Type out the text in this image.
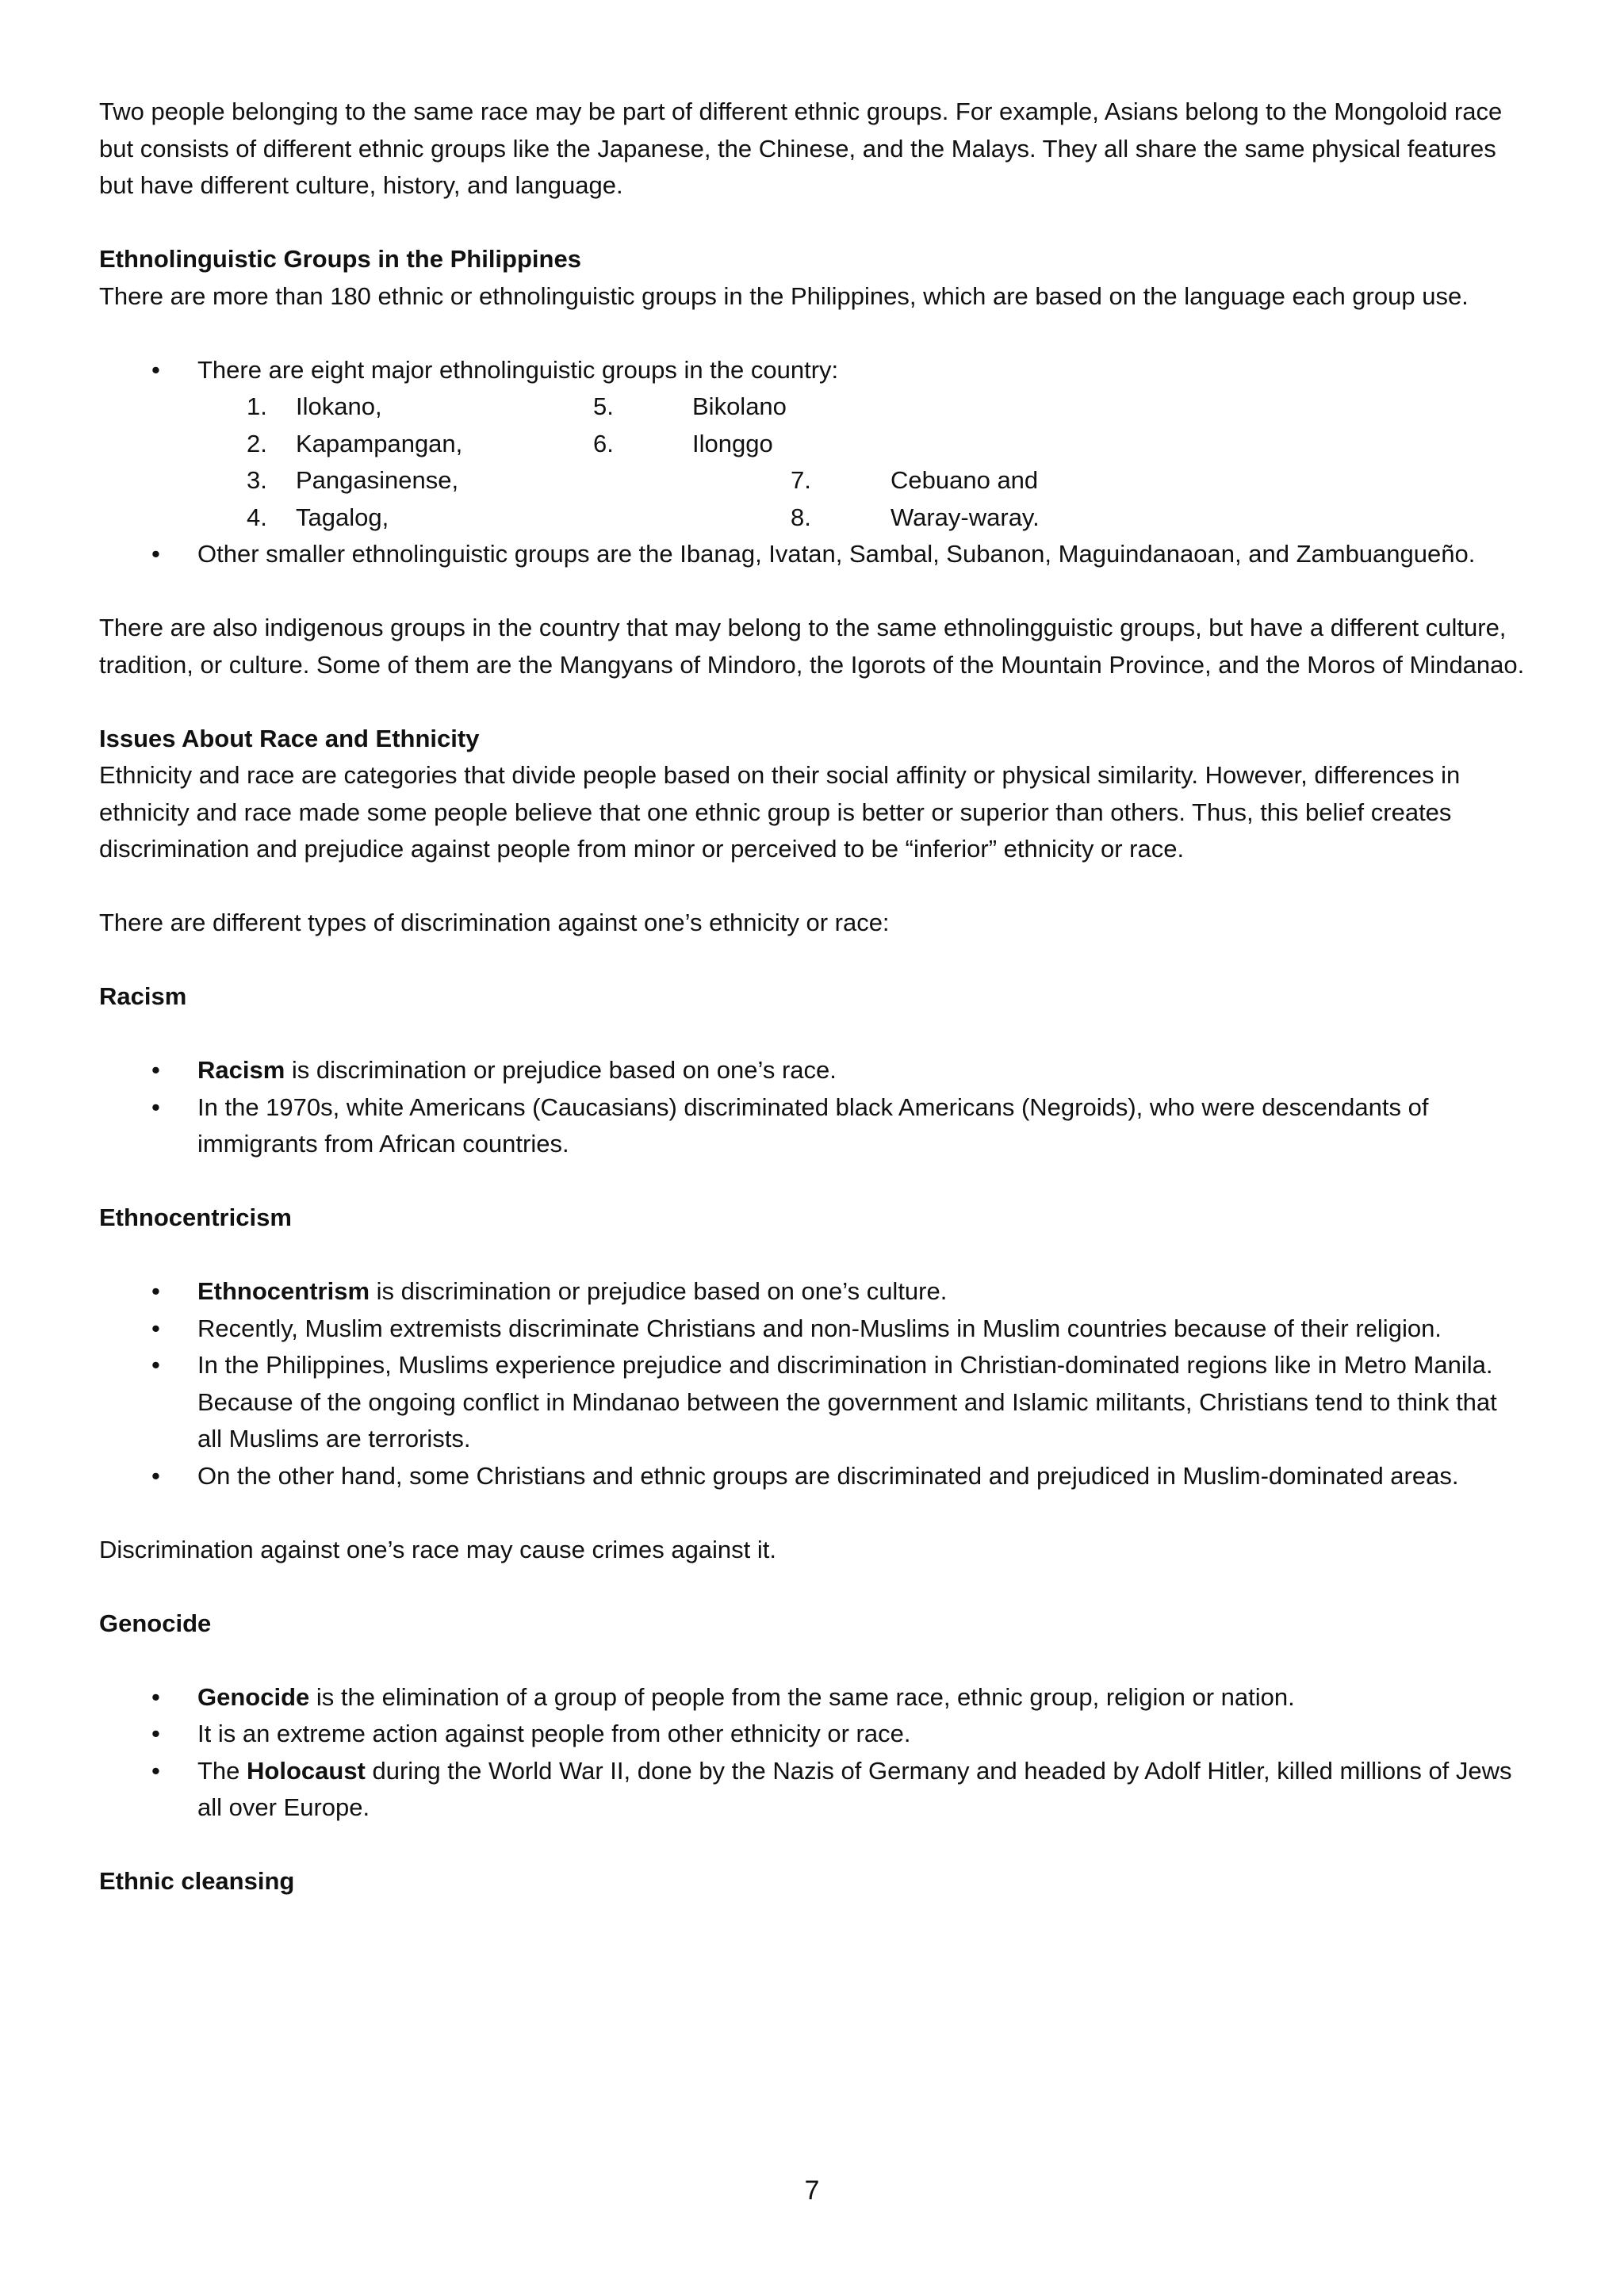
Two people belonging to the same race may be part of different ethnic groups. For example, Asians belong to the Mongoloid race but consists of different ethnic groups like the Japanese, the Chinese, and the Malays. They all share the same physical features but have different culture, history, and language.

Ethnolinguistic Groups in the Philippines

There are more than 180 ethnic or ethnolinguistic groups in the Philippines, which are based on the language each group use.

• There are eight major ethnolinguistic groups in the country:
1. Ilokano,	5.	Bikolano
2. Kapampangan,	6.	Ilonggo
3. Pangasinense,	7.	Cebuano and
4. Tagalog,	8.	Waray-waray.
• Other smaller ethnolinguistic groups are the Ibanag, Ivatan, Sambal, Subanon, Maguindanaoan, and Zambuangueño.

There are also indigenous groups in the country that may belong to the same ethnolingguistic groups, but have a different culture, tradition, or culture. Some of them are the Mangyans of Mindoro, the Igorots of the Mountain Province, and the Moros of Mindanao.

Issues About Race and Ethnicity

Ethnicity and race are categories that divide people based on their social affinity or physical similarity. However, differences in ethnicity and race made some people believe that one ethnic group is better or superior than others. Thus, this belief creates discrimination and prejudice against people from minor or perceived to be “inferior” ethnicity or race.

There are different types of discrimination against one’s ethnicity or race:

Racism

• Racism is discrimination or prejudice based on one’s race.
• In the 1970s, white Americans (Caucasians) discriminated black Americans (Negroids), who were descendants of immigrants from African countries.

Ethnocentricism

• Ethnocentrism is discrimination or prejudice based on one’s culture.
• Recently, Muslim extremists discriminate Christians and non-Muslims in Muslim countries because of their religion.
• In the Philippines, Muslims experience prejudice and discrimination in Christian-dominated regions like in Metro Manila. Because of the ongoing conflict in Mindanao between the government and Islamic militants, Christians tend to think that all Muslims are terrorists.
• On the other hand, some Christians and ethnic groups are discriminated and prejudiced in Muslim-dominated areas.

Discrimination against one’s race may cause crimes against it.

Genocide

• Genocide is the elimination of a group of people from the same race, ethnic group, religion or nation.
• It is an extreme action against people from other ethnicity or race.
• The Holocaust during the World War II, done by the Nazis of Germany and headed by Adolf Hitler, killed millions of Jews all over Europe.

Ethnic cleansing

7
